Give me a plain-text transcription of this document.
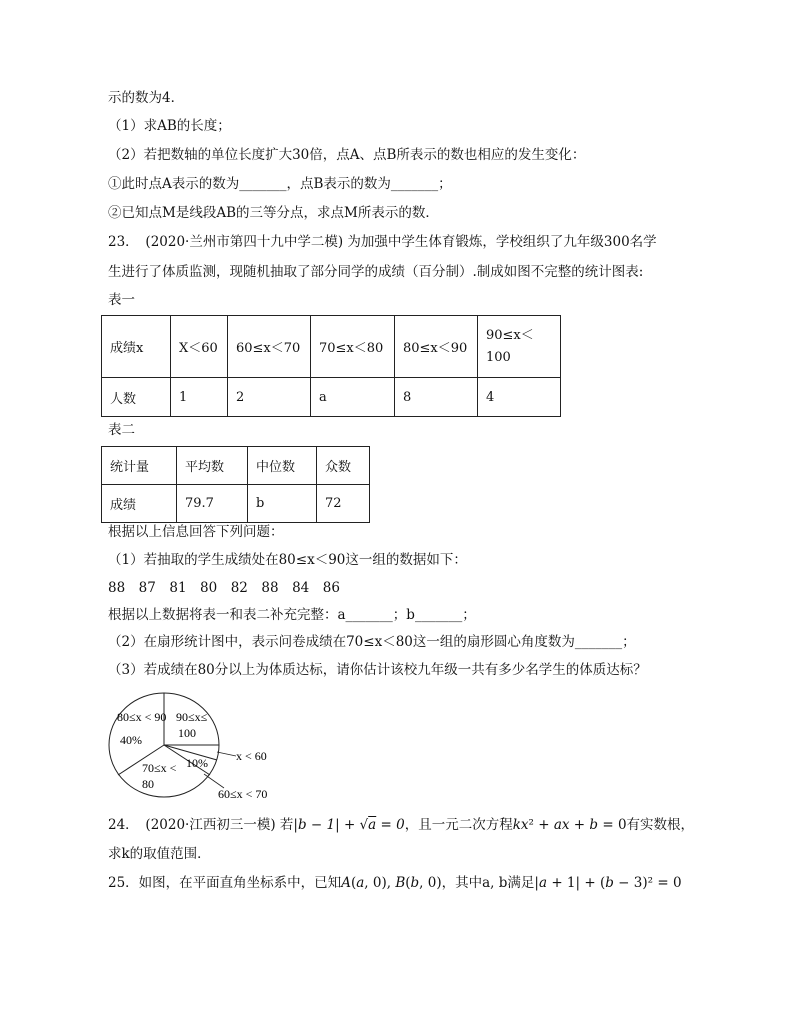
示的数为4．
（1）求AB的长度；
（2）若把数轴的单位长度扩大30倍，点A、点B所表示的数也相应的发生变化：
①此时点A表示的数为_______，点B表示的数为_______；
②已知点M是线段AB的三等分点，求点M所表示的数．
23．　(2020·兰州市第四十九中学二模) 为加强中学生体育锻炼，学校组织了九年级300名学
生进行了体质监测，现随机抽取了部分同学的成绩（百分制）.制成如图不完整的统计图表:
表一
成绩x	X＜60	60≤x＜70	70≤x＜80	80≤x＜90	90≤x＜
100

人数	1	2	a	8	4
表二
统计量	平均数	中位数	众数
成绩	79.7	b	72
根据以上信息回答下列问题：
（1）若抽取的学生成绩处在80≤x＜90这一组的数据如下：
88　87　81　80　82　88　84　86
根据以上数据将表一和表二补充完整：a_______；b_______；
（2）在扇形统计图中，表示问卷成绩在70≤x＜80这一组的扇形圆心角度数为_______；
（3）若成绩在80分以上为体质达标，请你估计该校九年级一共有多少名学生的体质达标？
80≤x < 90 90≤x≤
100
40%
x < 60
60≤x < 70
70≤x <
80
10%
24．　(2020·江西初三一模) 若|b − 1| + √a = 0，且一元二次方程kx² + ax + b = 0有实数根，
求k的取值范围．
25．如图，在平面直角坐标系中，已知A(a, 0), B(b, 0)，其中a, b满足|a + 1| + (b − 3)² = 0
